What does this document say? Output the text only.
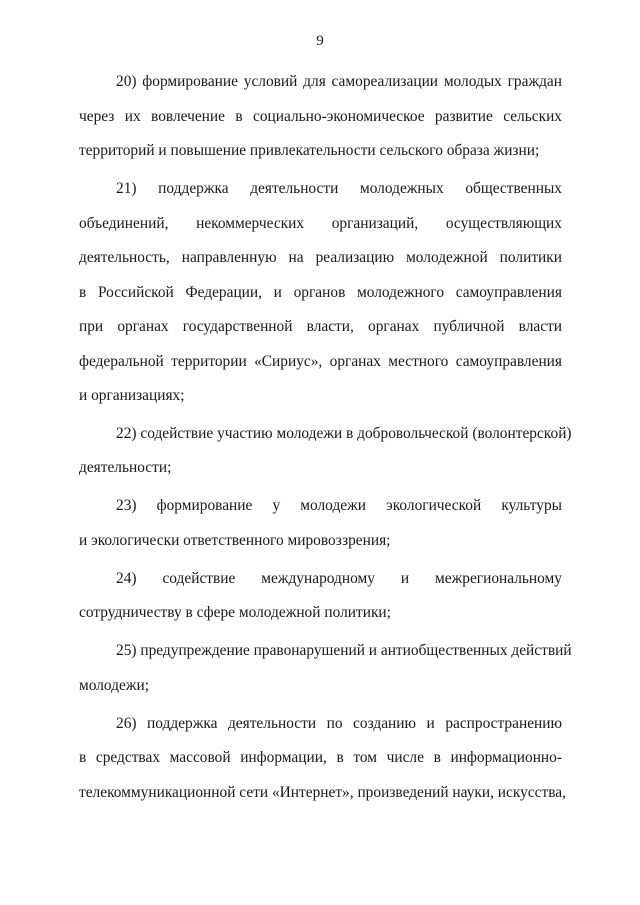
9
20) формирование условий для самореализации молодых граждан
через их вовлечение в социально-экономическое развитие сельских
территорий и повышение привлекательности сельского образа жизни;
21) поддержка деятельности молодежных общественных
объединений, некоммерческих организаций, осуществляющих
деятельность, направленную на реализацию молодежной политики
в Российской Федерации, и органов молодежного самоуправления
при органах государственной власти, органах публичной власти
федеральной территории «Сириус», органах местного самоуправления
и организациях;
22) содействие участию молодежи в добровольческой (волонтерской)
деятельности;
23) формирование у молодежи экологической культуры
и экологически ответственного мировоззрения;
24) содействие международному и межрегиональному
сотрудничеству в сфере молодежной политики;
25) предупреждение правонарушений и антиобщественных действий
молодежи;
26) поддержка деятельности по созданию и распространению
в средствах массовой информации, в том числе в информационно-
телекоммуникационной сети «Интернет», произведений науки, искусства,
